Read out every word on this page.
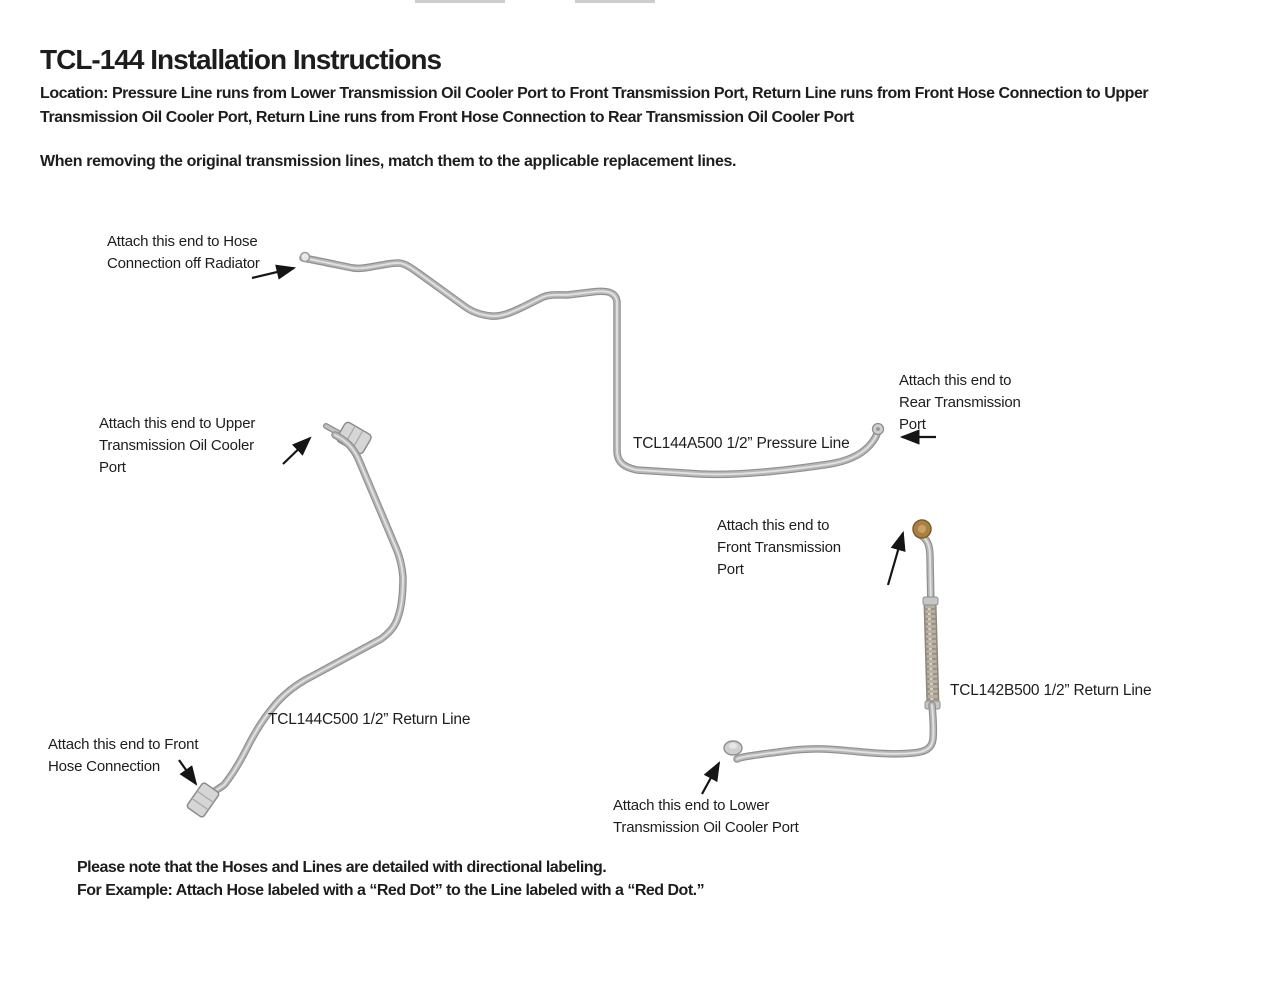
TCL-144 Installation Instructions
Location: Pressure Line runs from Lower Transmission Oil Cooler Port to Front Transmission Port, Return Line runs from Front Hose Connection to Upper
Transmission Oil Cooler Port, Return Line runs from Front Hose Connection to Rear Transmission Oil Cooler Port
When removing the original transmission lines, match them to the applicable replacement lines.
Attach this end to Hose
Connection off Radiator
Attach this end to Upper
Transmission Oil Cooler
Port
Attach this end to
Rear Transmission
Port
Attach this end to
Front Transmission
Port
Attach this end to Front
Hose Connection
Attach this end to Lower
Transmission Oil Cooler Port
TCL144A500 1/2” Pressure Line
TCL144C500 1/2” Return Line
TCL142B500 1/2” Return Line
Please note that the Hoses and Lines are detailed with directional labeling.
For Example: Attach Hose labeled with a “Red Dot” to the Line labeled with a “Red Dot.”
